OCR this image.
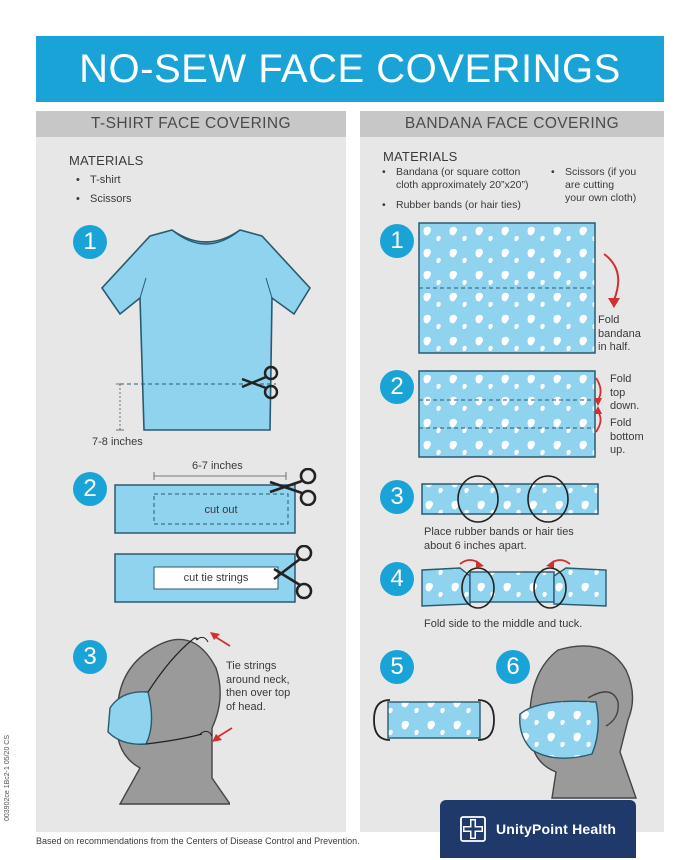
NO-SEW FACE COVERINGS
T-SHIRT FACE COVERING	BANDANA FACE COVERING
MATERIALS
• T-shirt
• Scissors
1
2
3
7-8 inches
6-7 inches
cut out
cut tie strings
Tie strings
around neck,
then over top
of head.
MATERIALS
• Bandana (or square cotton
cloth approximately 20”x20”)
• Rubber bands (or hair ties)
• Scissors (if you
are cutting
your own cloth)
1
2
3
4
5	6
Fold
bandana
in half.
Fold
top
down.
Fold
bottom
up.
Place rubber bands or hair ties
about 6 inches apart.
Fold side to the middle and tuck.
003902ce 1Bc2-1 05/20 CS
Based on recommendations from the Centers of Disease Control and Prevention.
UnityPoint Health
